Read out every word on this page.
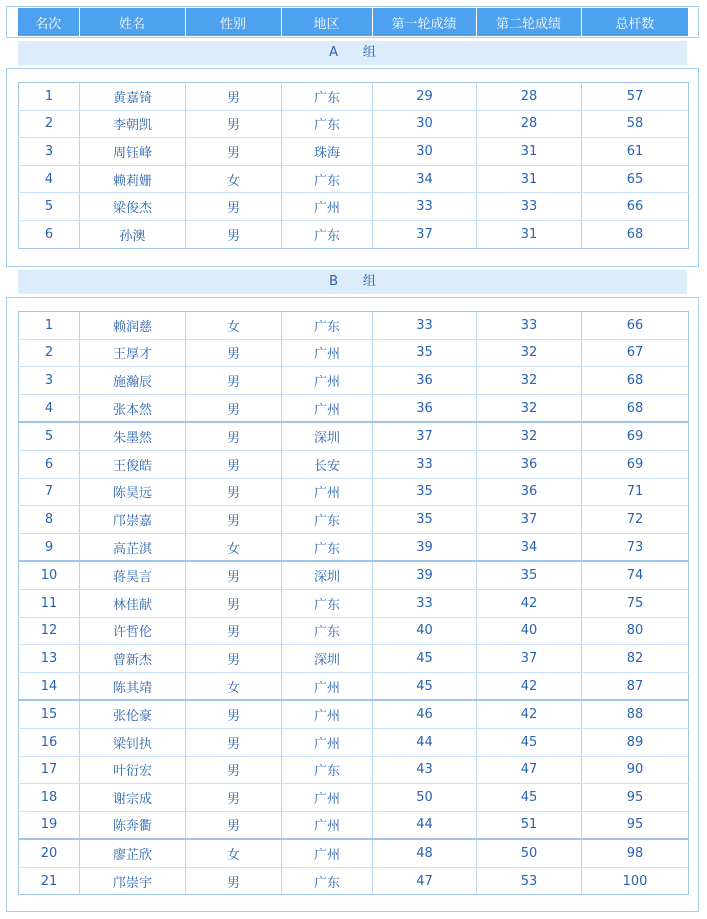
名次	姓名	性别	地区	第一轮成绩	第二轮成绩	总杆数
A 组
1	黄嘉锜	男	广东	29	28	57
2	李朝凯	男	广东	30	28	58
3	周钰峰	男	珠海	30	31	61
4	赖莉姗	女	广东	34	31	65
5	梁俊杰	男	广州	33	33	66
6	孙澳	男	广东	37	31	68
B 组
1	赖润慈	女	广东	33	33	66
2	王厚才	男	广州	35	32	67
3	施瀚辰	男	广州	36	32	68
4	张本然	男	广州	36	32	68
5	朱墨然	男	深圳	37	32	69
6	王俊皓	男	长安	33	36	69
7	陈昊远	男	广州	35	36	71
8	邝崇嘉	男	广东	35	37	72
9	高芷淇	女	广东	39	34	73
10	蒋昊言	男	深圳	39	35	74
11	林佳献	男	广东	33	42	75
12	许哲伦	男	广东	40	40	80
13	曾新杰	男	深圳	45	37	82
14	陈其靖	女	广州	45	42	87
15	张伦豪	男	广州	46	42	88
16	梁钊执	男	广州	44	45	89
17	叶衍宏	男	广东	43	47	90
18	谢宗成	男	广州	50	45	95
19	陈奔衢	男	广州	44	51	95
20	廖芷欣	女	广州	48	50	98
21	邝崇宇	男	广东	47	53	100
